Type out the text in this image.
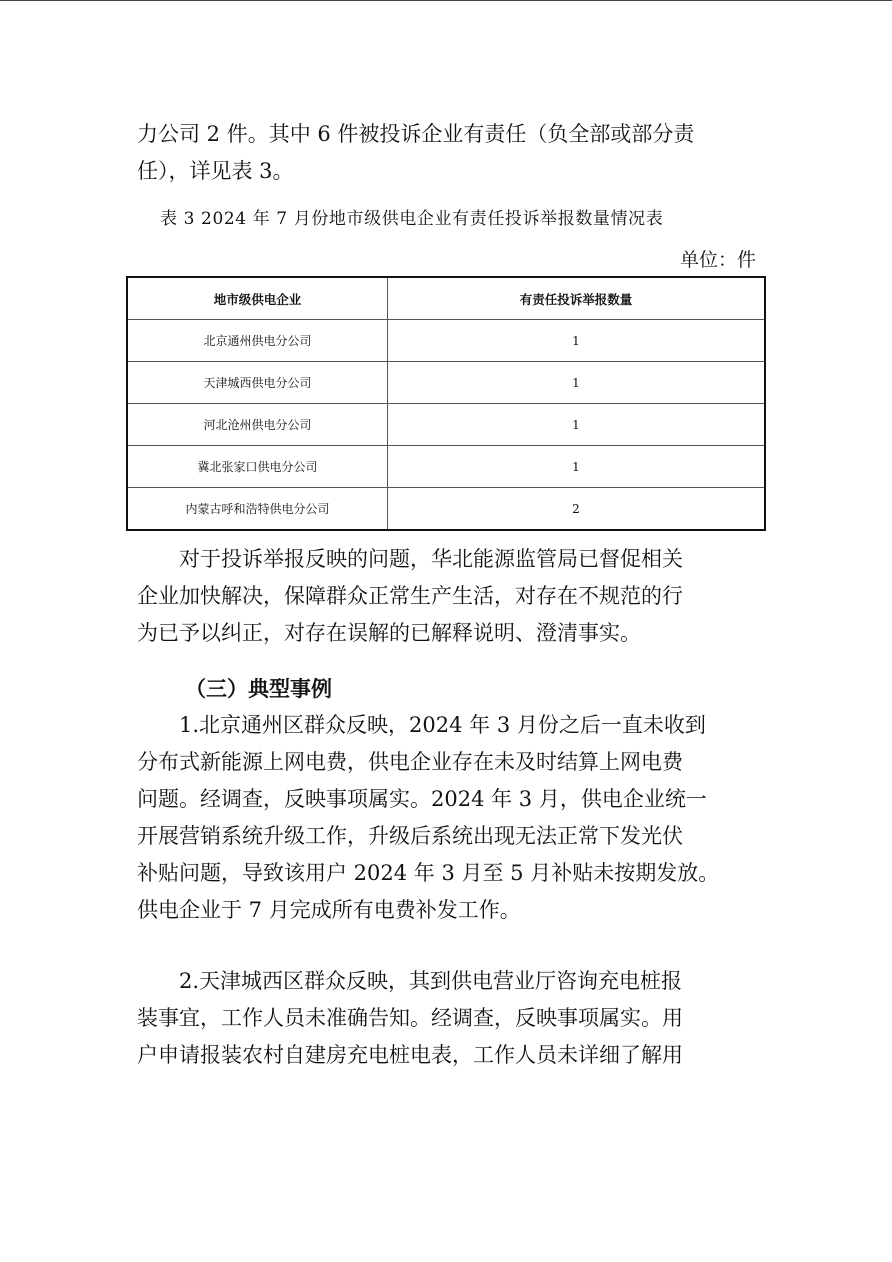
力公司 2 件。其中 6 件被投诉企业有责任（负全部或部分责
任），详见表 3。
表 3 2024 年 7 月份地市级供电企业有责任投诉举报数量情况表
单位：件
地市级供电企业	有责任投诉举报数量
北京通州供电分公司	1
天津城西供电分公司	1
河北沧州供电分公司	1
冀北张家口供电分公司	1
内蒙古呼和浩特供电分公司	2
　　对于投诉举报反映的问题，华北能源监管局已督促相关
企业加快解决，保障群众正常生产生活，对存在不规范的行
为已予以纠正，对存在误解的已解释说明、澄清事实。
（三）典型事例
　　1.北京通州区群众反映，2024 年 3 月份之后一直未收到
分布式新能源上网电费，供电企业存在未及时结算上网电费
问题。经调查，反映事项属实。2024 年 3 月，供电企业统一
开展营销系统升级工作，升级后系统出现无法正常下发光伏
补贴问题，导致该用户 2024 年 3 月至 5 月补贴未按期发放。
供电企业于 7 月完成所有电费补发工作。
　　2.天津城西区群众反映，其到供电营业厅咨询充电桩报
装事宜，工作人员未准确告知。经调查，反映事项属实。用
户申请报装农村自建房充电桩电表，工作人员未详细了解用
